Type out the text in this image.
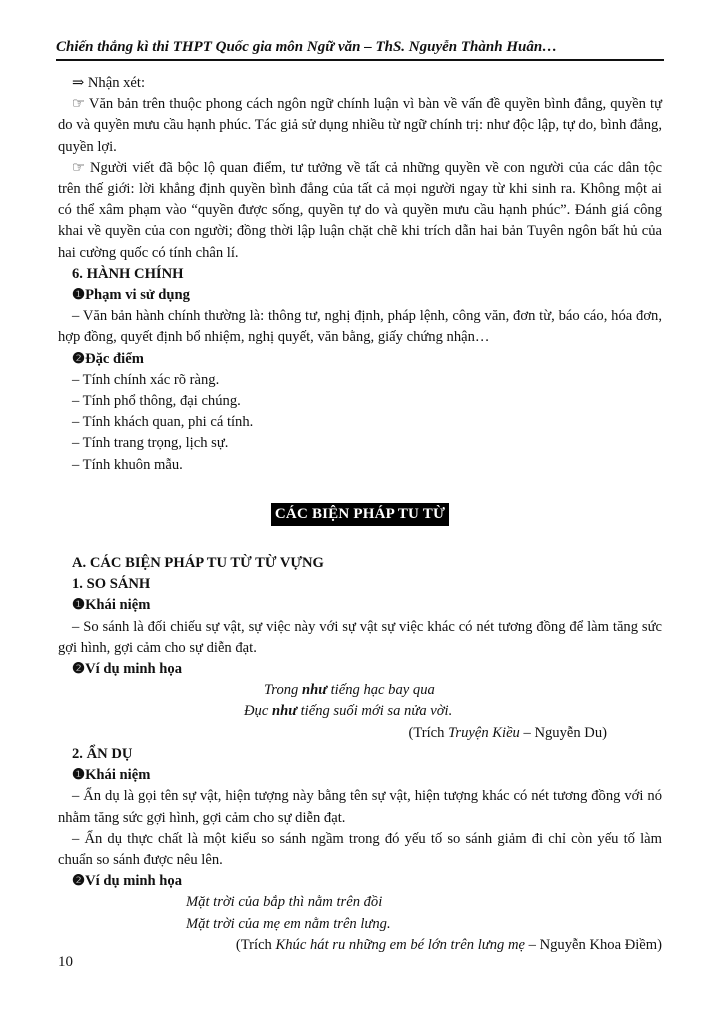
Chiến thắng kì thi THPT Quốc gia môn Ngữ văn – ThS. Nguyễn Thành Huân…

⇒ Nhận xét:

☞ Văn bản trên thuộc phong cách ngôn ngữ chính luận vì bàn về vấn đề quyền bình đẳng, quyền tự do và quyền mưu cầu hạnh phúc. Tác giả sử dụng nhiều từ ngữ chính trị: như độc lập, tự do, bình đẳng, quyền lợi.

☞ Người viết đã bộc lộ quan điểm, tư tưởng về tất cả những quyền về con người của các dân tộc trên thế giới: lời khẳng định quyền bình đẳng của tất cả mọi người ngay từ khi sinh ra. Không một ai có thể xâm phạm vào “quyền được sống, quyền tự do và quyền mưu cầu hạnh phúc”. Đánh giá công khai về quyền của con người; đồng thời lập luận chặt chẽ khi trích dẫn hai bản Tuyên ngôn bất hủ của hai cường quốc có tính chân lí.

6. HÀNH CHÍNH

❶Phạm vi sử dụng

– Văn bản hành chính thường là: thông tư, nghị định, pháp lệnh, công văn, đơn từ, báo cáo, hóa đơn, hợp đồng, quyết định bổ nhiệm, nghị quyết, văn bằng, giấy chứng nhận…

❷Đặc điểm

– Tính chính xác rõ ràng.

– Tính phổ thông, đại chúng.

– Tính khách quan, phi cá tính.

– Tính trang trọng, lịch sự.

– Tính khuôn mẫu.

CÁC BIỆN PHÁP TU TỪ

A. CÁC BIỆN PHÁP TU TỪ TỪ VỰNG

1. SO SÁNH

❶Khái niệm

– So sánh là đối chiếu sự vật, sự việc này với sự vật sự việc khác có nét tương đồng để làm tăng sức gợi hình, gợi cảm cho sự diễn đạt.

❷Ví dụ minh họa

Trong như tiếng hạc bay qua

Đục như tiếng suối mới sa nửa vời.

(Trích Truyện Kiều – Nguyễn Du)

2. ẨN DỤ

❶Khái niệm

– Ẩn dụ là gọi tên sự vật, hiện tượng này bằng tên sự vật, hiện tượng khác có nét tương đồng với nó nhằm tăng sức gợi hình, gợi cảm cho sự diễn đạt.

– Ẩn dụ thực chất là một kiểu so sánh ngầm trong đó yếu tố so sánh giảm đi chỉ còn yếu tố làm chuẩn so sánh được nêu lên.

❷Ví dụ minh họa

Mặt trời của bắp thì nằm trên đồi

Mặt trời của mẹ em nằm trên lưng.

(Trích Khúc hát ru những em bé lớn trên lưng mẹ – Nguyễn Khoa Điềm)

10
